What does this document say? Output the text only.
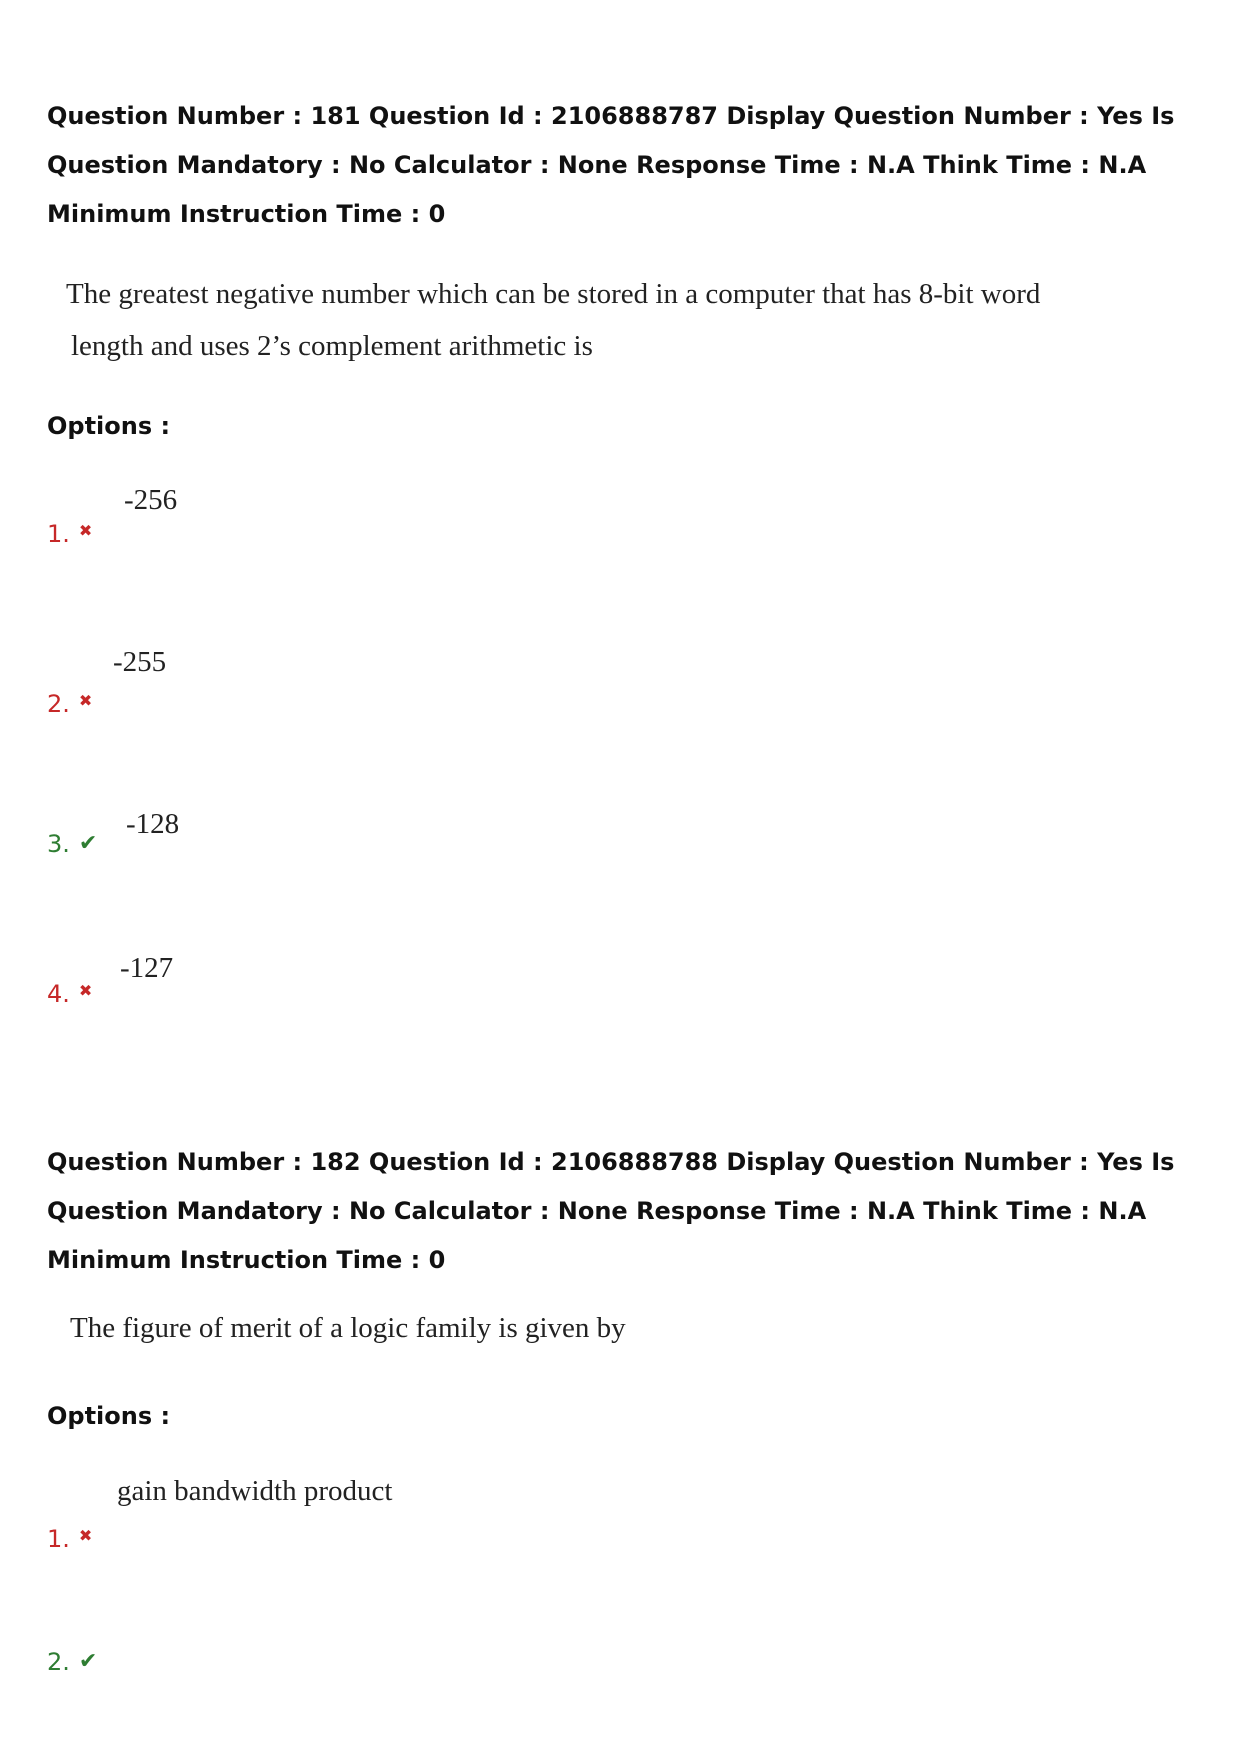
Question Number : 181 Question Id : 2106888787 Display Question Number : Yes Is Question Mandatory : No Calculator : None Response Time : N.A Think Time : N.A Minimum Instruction Time : 0
The greatest negative number which can be stored in a computer that has 8-bit word
length and uses 2’s complement arithmetic is
Options :
1. ✖
-256
2. ✖
-255
3. ✔
-128
4. ✖
-127
Question Number : 182 Question Id : 2106888788 Display Question Number : Yes Is Question Mandatory : No Calculator : None Response Time : N.A Think Time : N.A Minimum Instruction Time : 0
The figure of merit of a logic family is given by
Options :
1. ✖
gain bandwidth product
2. ✔
